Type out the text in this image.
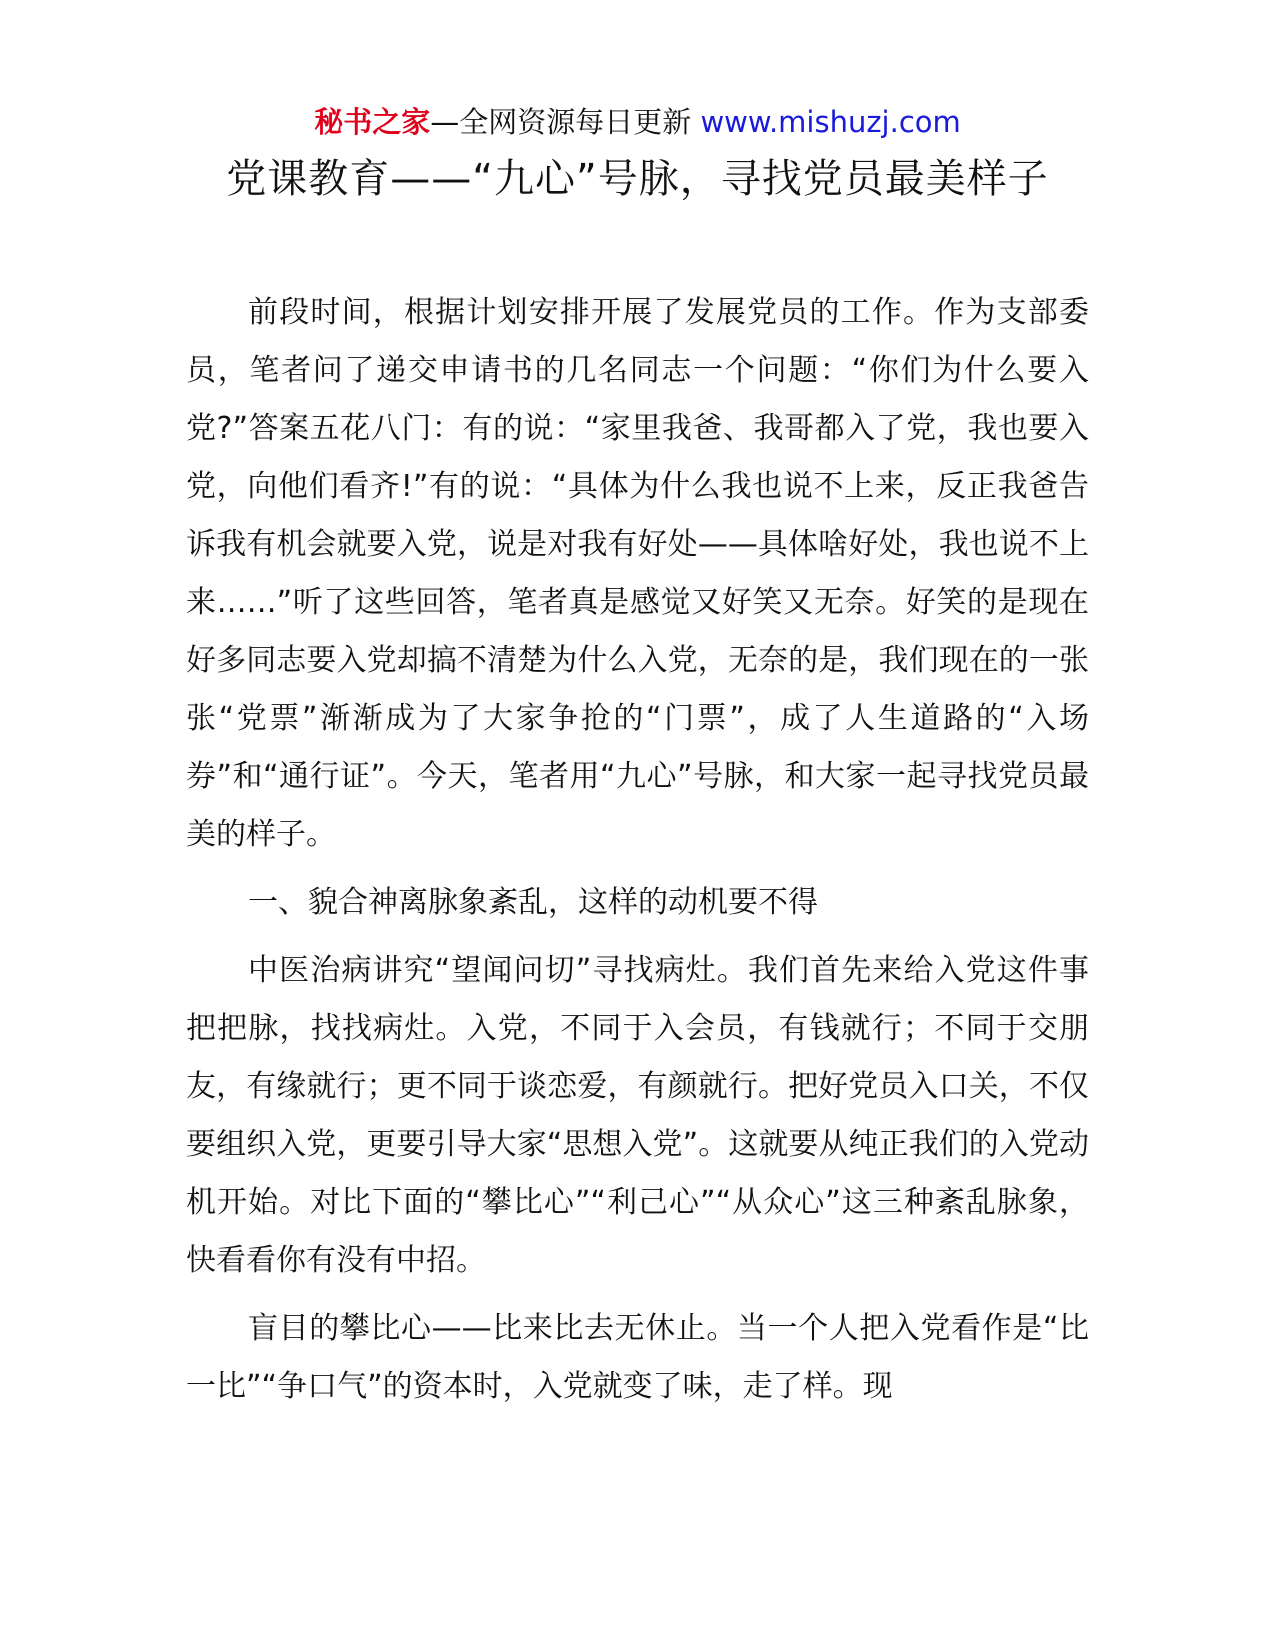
秘书之家—全网资源每日更新 www.mishuzj.com
党课教育——“九心”号脉，寻找党员最美样子

前段时间，根据计划安排开展了发展党员的工作。作为支部委员，笔者问了递交申请书的几名同志一个问题：“你们为什么要入党?”答案五花八门：有的说：“家里我爸、我哥都入了党，我也要入党，向他们看齐!”有的说：“具体为什么我也说不上来，反正我爸告诉我有机会就要入党，说是对我有好处——具体啥好处，我也说不上来……”听了这些回答，笔者真是感觉又好笑又无奈。好笑的是现在好多同志要入党却搞不清楚为什么入党，无奈的是，我们现在的一张张“党票”渐渐成为了大家争抢的“门票”，成了人生道路的“入场券”和“通行证”。今天，笔者用“九心”号脉，和大家一起寻找党员最美的样子。

一、貌合神离脉象紊乱，这样的动机要不得

中医治病讲究“望闻问切”寻找病灶。我们首先来给入党这件事把把脉，找找病灶。入党，不同于入会员，有钱就行；不同于交朋友，有缘就行；更不同于谈恋爱，有颜就行。把好党员入口关，不仅要组织入党，更要引导大家“思想入党”。这就要从纯正我们的入党动机开始。对比下面的“攀比心”“利己心”“从众心”这三种紊乱脉象，快看看你有没有中招。

盲目的攀比心——比来比去无休止。当一个人把入党看作是“比一比”“争口气”的资本时，入党就变了味，走了样。现
